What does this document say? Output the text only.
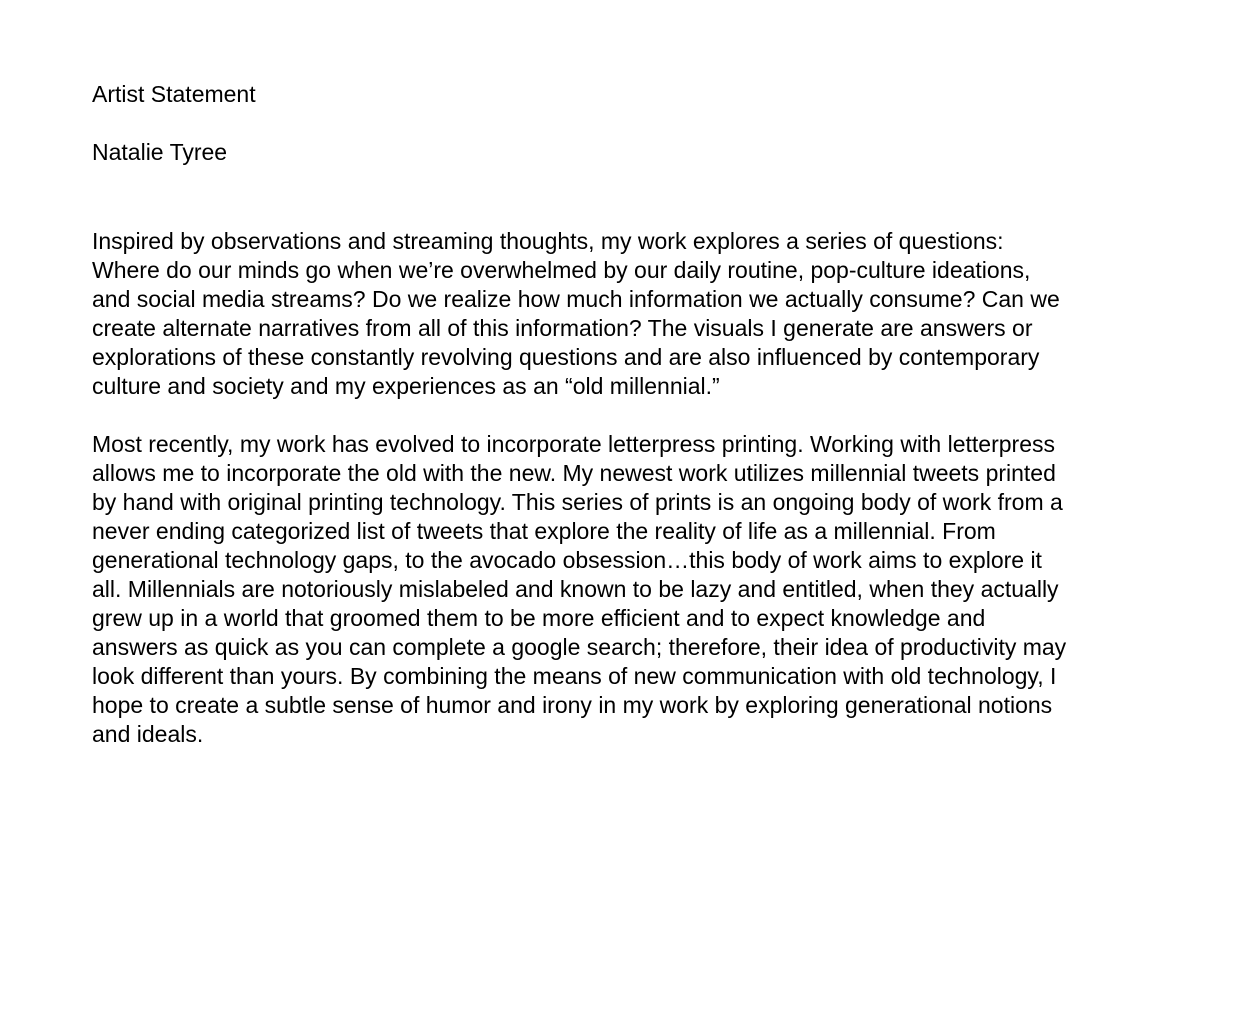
Artist Statement
Natalie Tyree
Inspired by observations and streaming thoughts, my work explores a series of questions:
Where do our minds go when we’re overwhelmed by our daily routine, pop-culture ideations,
and social media streams? Do we realize how much information we actually consume? Can we
create alternate narratives from all of this information? The visuals I generate are answers or
explorations of these constantly revolving questions and are also influenced by contemporary
culture and society and my experiences as an “old millennial.”
Most recently, my work has evolved to incorporate letterpress printing. Working with letterpress
allows me to incorporate the old with the new. My newest work utilizes millennial tweets printed
by hand with original printing technology. This series of prints is an ongoing body of work from a
never ending categorized list of tweets that explore the reality of life as a millennial. From
generational technology gaps, to the avocado obsession…this body of work aims to explore it
all. Millennials are notoriously mislabeled and known to be lazy and entitled, when they actually
grew up in a world that groomed them to be more efficient and to expect knowledge and
answers as quick as you can complete a google search; therefore, their idea of productivity may
look different than yours. By combining the means of new communication with old technology, I
hope to create a subtle sense of humor and irony in my work by exploring generational notions
and ideals.
